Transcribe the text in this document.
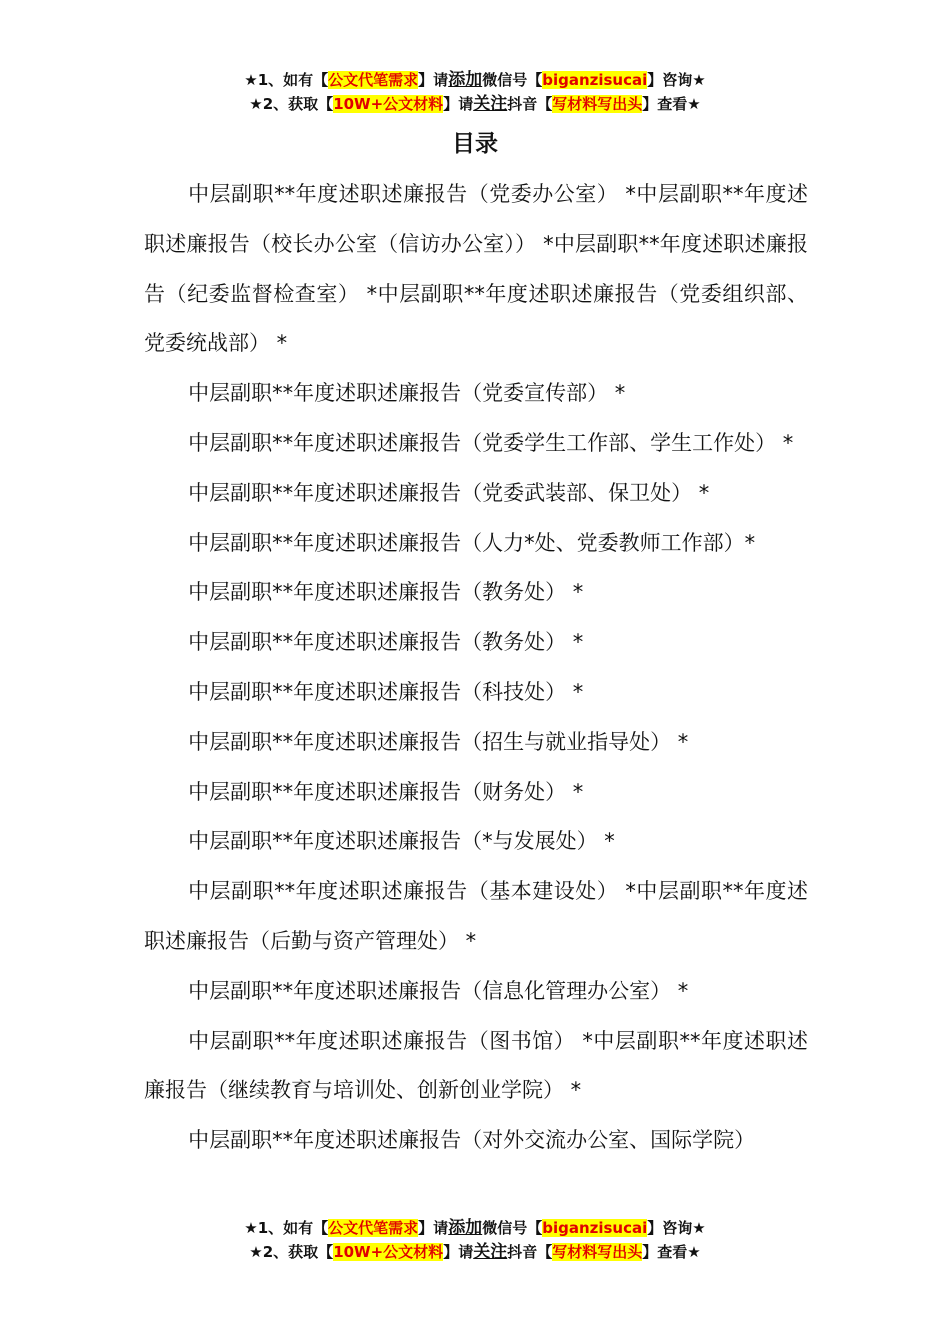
★1、如有【公文代笔需求】请添加微信号【biganzisucai】咨询★
★2、获取【10W+公文材料】请关注抖音【写材料写出头】查看★
目录

中层副职**年度述职述廉报告（党委办公室） *中层副职**年度述职述廉报告（校长办公室（信访办公室）） *中层副职**年度述职述廉报告（纪委监督检查室） *中层副职**年度述职述廉报告（党委组织部、党委统战部） *

中层副职**年度述职述廉报告（党委宣传部） *

中层副职**年度述职述廉报告（党委学生工作部、学生工作处） *

中层副职**年度述职述廉报告（党委武装部、保卫处） *

中层副职**年度述职述廉报告（人力*处、党委教师工作部）*

中层副职**年度述职述廉报告（教务处） *

中层副职**年度述职述廉报告（教务处） *

中层副职**年度述职述廉报告（科技处） *

中层副职**年度述职述廉报告（招生与就业指导处） *

中层副职**年度述职述廉报告（财务处） *

中层副职**年度述职述廉报告（*与发展处） *

中层副职**年度述职述廉报告（基本建设处） *中层副职**年度述职述廉报告（后勤与资产管理处） *

中层副职**年度述职述廉报告（信息化管理办公室） *

中层副职**年度述职述廉报告（图书馆） *中层副职**年度述职述廉报告（继续教育与培训处、创新创业学院） *

中层副职**年度述职述廉报告（对外交流办公室、国际学院）

★1、如有【公文代笔需求】请添加微信号【biganzisucai】咨询★
★2、获取【10W+公文材料】请关注抖音【写材料写出头】查看★
